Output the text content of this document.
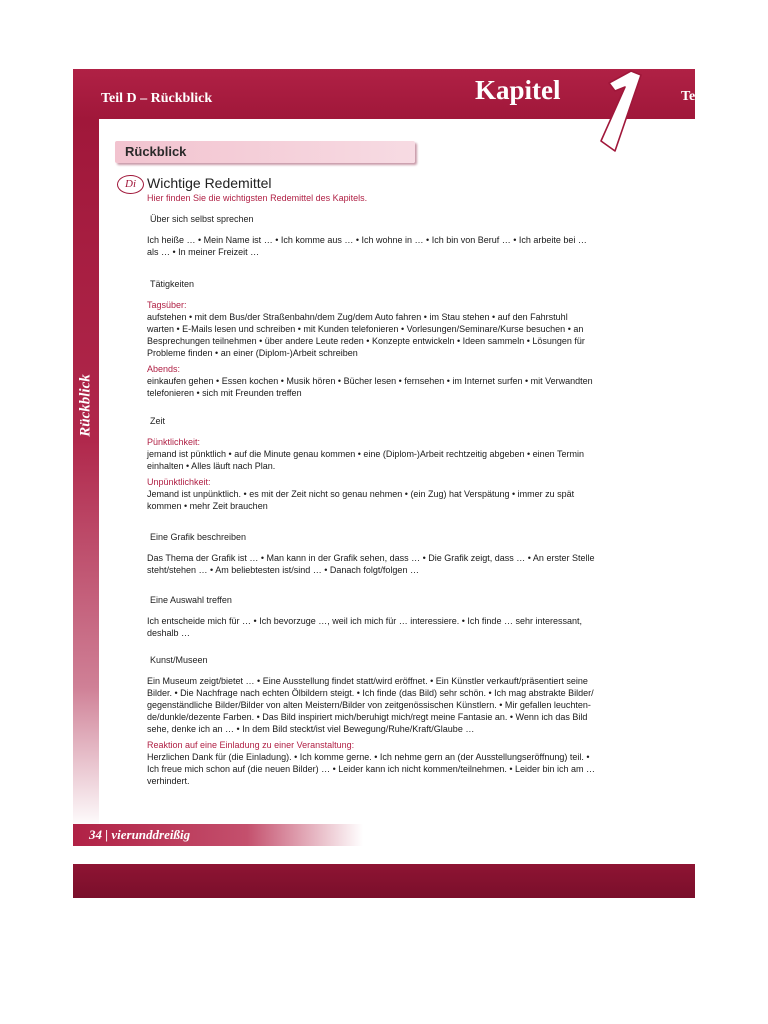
Teil D – Rückblick	Kapitel	Te
Rückblick
Rückblick
Di Wichtige Redemittel
Hier finden Sie die wichtigsten Redemittel des Kapitels.

Über sich selbst sprechen

Ich heiße … • Mein Name ist … • Ich komme aus … • Ich wohne in … • Ich bin von Beruf … • Ich arbeite bei …
als … • In meiner Freizeit …

Tätigkeiten

Tagsüber:

aufstehen • mit dem Bus/der Straßenbahn/dem Zug/dem Auto fahren • im Stau stehen • auf den Fahrstuhl
warten • E-Mails lesen und schreiben • mit Kunden telefonieren • Vorlesungen/Seminare/Kurse besuchen • an
Besprechungen teilnehmen • über andere Leute reden • Konzepte entwickeln • Ideen sammeln • Lösungen für
Probleme finden • an einer (Diplom-)Arbeit schreiben

Abends:

einkaufen gehen • Essen kochen • Musik hören • Bücher lesen • fernsehen • im Internet surfen • mit Verwandten
telefonieren • sich mit Freunden treffen

Zeit

Pünktlichkeit:

jemand ist pünktlich • auf die Minute genau kommen • eine (Diplom-)Arbeit rechtzeitig abgeben • einen Termin
einhalten • Alles läuft nach Plan.

Unpünktlichkeit:

Jemand ist unpünktlich. • es mit der Zeit nicht so genau nehmen • (ein Zug) hat Verspätung • immer zu spät
kommen • mehr Zeit brauchen

Eine Grafik beschreiben

Das Thema der Grafik ist … • Man kann in der Grafik sehen, dass … • Die Grafik zeigt, dass … • An erster Stelle
steht/stehen … • Am beliebtesten ist/sind … • Danach folgt/folgen …

Eine Auswahl treffen

Ich entscheide mich für … • Ich bevorzuge …, weil ich mich für … interessiere. • Ich finde … sehr interessant,
deshalb …

Kunst/Museen

Ein Museum zeigt/bietet … • Eine Ausstellung findet statt/wird eröffnet. • Ein Künstler verkauft/präsentiert seine
Bilder. • Die Nachfrage nach echten Ölbildern steigt. • Ich finde (das Bild) sehr schön. • Ich mag abstrakte Bilder/
gegenständliche Bilder/Bilder von alten Meistern/Bilder von zeitgenössischen Künstlern. • Mir gefallen leuchten-
de/dunkle/dezente Farben. • Das Bild inspiriert mich/beruhigt mich/regt meine Fantasie an. • Wenn ich das Bild
sehe, denke ich an … • In dem Bild steckt/ist viel Bewegung/Ruhe/Kraft/Glaube …

Reaktion auf eine Einladung zu einer Veranstaltung:

Herzlichen Dank für (die Einladung). • Ich komme gerne. • Ich nehme gern an (der Ausstellungseröffnung) teil. •
Ich freue mich schon auf (die neuen Bilder) … • Leider kann ich nicht kommen/teilnehmen. • Leider bin ich am …
verhindert.

34 | vierunddreißig
